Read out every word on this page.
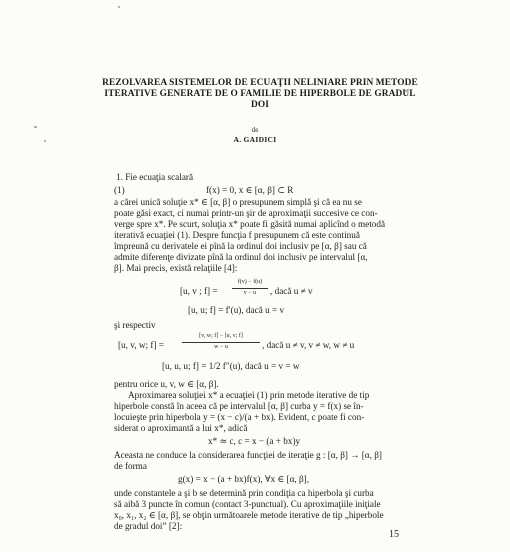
REZOLVAREA SISTEMELOR DE ECUAŢII NELINIARE PRIN METODE
ITERATIVE GENERATE DE O FAMILIE DE HIPERBOLE DE GRADUL
DOI
de
A. GAIDICI
1. Fie ecuaţia scalară
(1)	f(x) = 0, x ∈ [α, β] ⊂ R
a cărei unică soluţie x* ∈ [α, β] o presupunem simplă şi că ea nu se
poate găsi exact, ci numai printr-un şir de aproximaţii succesive ce con-
verge spre x*. Pe scurt, soluţia x* poate fi găsită numai aplicînd o metodă
iterativă ecuaţiei (1). Despre funcţia f presupunem că este continuă
împreună cu derivatele ei pînă la ordinul doi inclusiv pe [α, β] sau că
admite diferenţe divizate pînă la ordinul doi inclusiv pe intervalul [α,
β]. Mai precis, există relaţiile [4]:
[u, v ; f] =
f(v) − f(u)
v − u	, dacă u ≠ v
[u, u; f] = f′(u), dacă u = v
şi respectiv
[u, v, w; f] =
[v, w; f] − [u, v; f]
w − u	, dacă u ≠ v, v ≠ w, w ≠ u
[u, u, u; f] = 1/2 f″(u), dacă u = v = w
pentru orice u, v, w ∈ [α, β].
Aproximarea soluţiei x* a ecuaţiei (1) prin metode iterative de tip
hiperbole constă în aceea că pe intervalul [α, β] curba y = f(x) se în-
locuieşte prin hiperbola y = (x − c)/(a + bx). Evident, c poate fi con-
siderat o aproximantă a lui x*, adică
x* ≃ c, c = x − (a + bx)y
Aceasta ne conduce la considerarea funcţiei de iteraţie g : [α, β] → [α, β]
de forma
g(x) = x − (a + bx)f(x), ∀x ∈ [α, β],
unde constantele a şi b se determină prin condiţia ca hiperbola şi curba
să aibă 3 puncte în comun (contact 3-punctual). Cu aproximaţiile iniţiale
x₀, x₁, x₂ ∈ [α, β], se obţin următoarele metode iterative de tip „hiperbole
de gradul doi” [2]:
15
